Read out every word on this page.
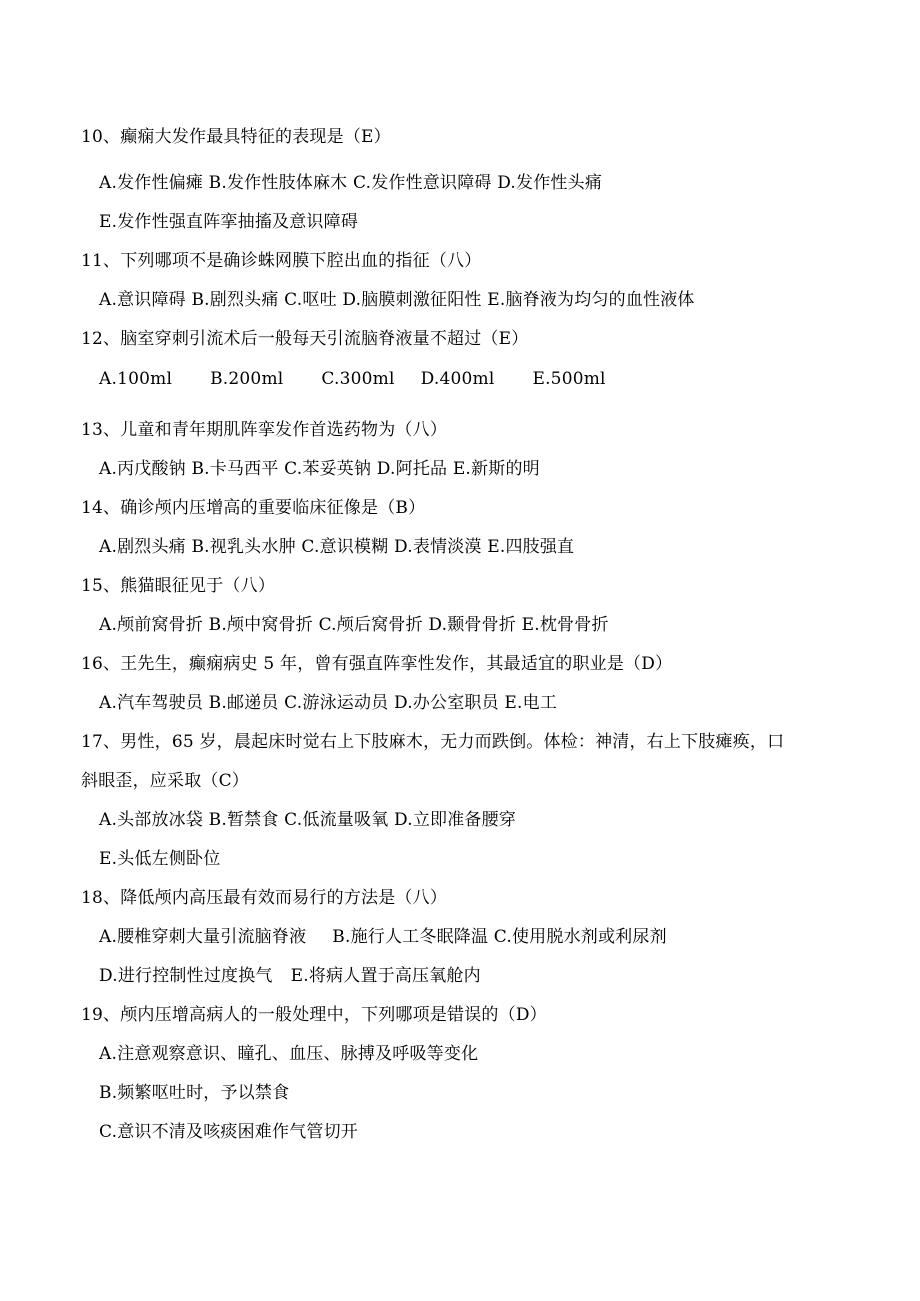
10、癫痫大发作最具特征的表现是（E）
A.发作性偏瘫 B.发作性肢体麻木 C.发作性意识障碍 D.发作性头痛
E.发作性强直阵挛抽搐及意识障碍
11、下列哪项不是确诊蛛网膜下腔出血的指征（八）
A.意识障碍 B.剧烈头痛 C.呕吐 D.脑膜刺激征阳性 E.脑脊液为均匀的血性液体
12、脑室穿刺引流术后一般每天引流脑脊液量不超过（E）
A.100ml B.200ml C.300ml D.400ml E.500ml
13、儿童和青年期肌阵挛发作首选药物为（八）
A.丙戊酸钠 B.卡马西平 C.苯妥英钠 D.阿托品 E.新斯的明
14、确诊颅内压增高的重要临床征像是（B）
A.剧烈头痛 B.视乳头水肿 C.意识模糊 D.表情淡漠 E.四肢强直
15、熊猫眼征见于（八）
A.颅前窝骨折 B.颅中窝骨折 C.颅后窝骨折 D.颞骨骨折 E.枕骨骨折
16、王先生，癫痫病史 5 年，曾有强直阵挛性发作，其最适宜的职业是（D）
A.汽车驾驶员 B.邮递员 C.游泳运动员 D.办公室职员 E.电工
17、男性，65 岁，晨起床时觉右上下肢麻木，无力而跌倒。体检：神清，右上下肢瘫痪，口
斜眼歪，应采取（C）
A.头部放冰袋 B.暂禁食 C.低流量吸氧 D.立即准备腰穿
E.头低左侧卧位
18、降低颅内高压最有效而易行的方法是（八）
A.腰椎穿刺大量引流脑脊液 B.施行人工冬眠降温 C.使用脱水剂或利尿剂
D.进行控制性过度换气 E.将病人置于高压氧舱内
19、颅内压增高病人的一般处理中，下列哪项是错误的（D）
A.注意观察意识、瞳孔、血压、脉搏及呼吸等变化
B.频繁呕吐时，予以禁食
C.意识不清及咳痰困难作气管切开
